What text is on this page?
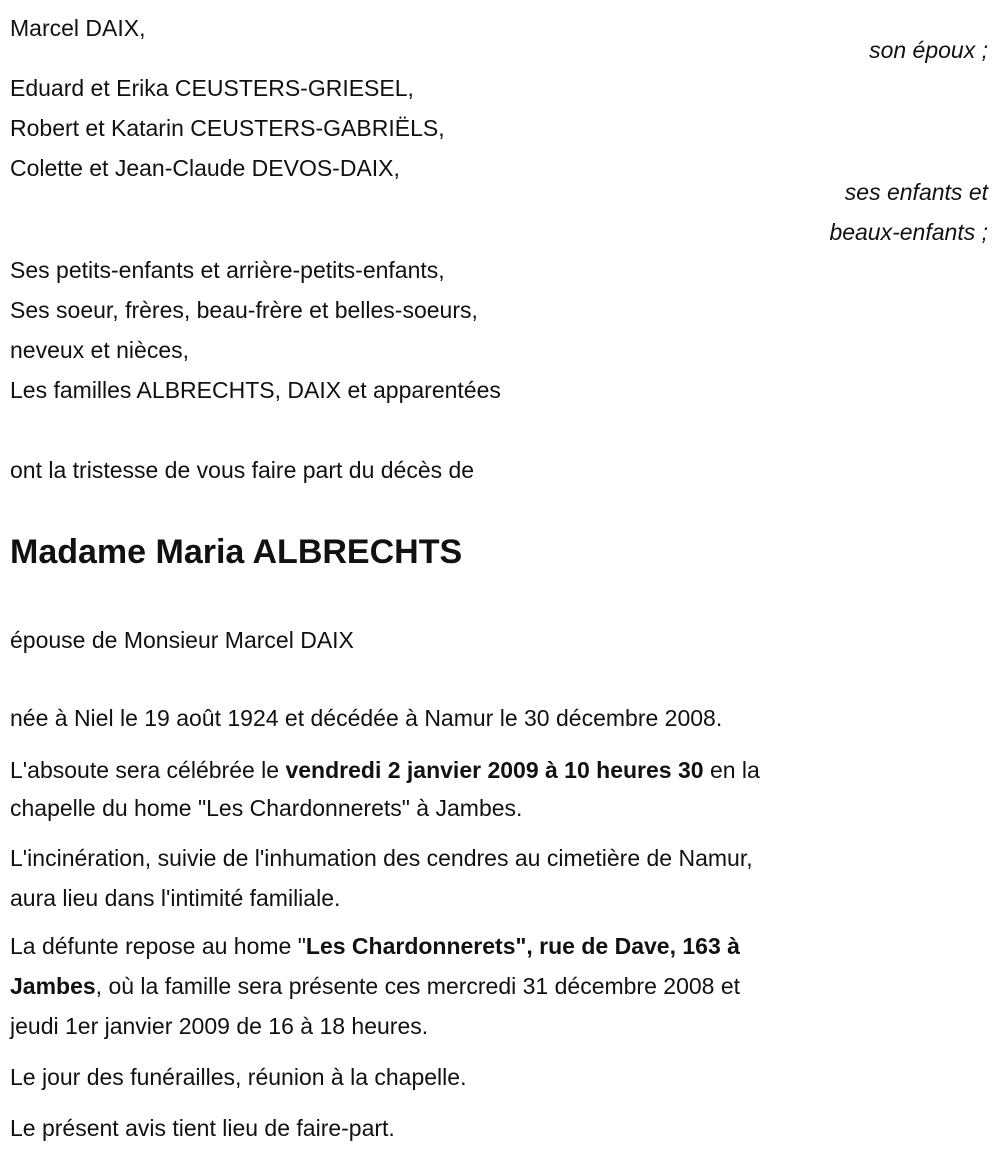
Marcel DAIX,
son époux ;
Eduard et Erika CEUSTERS-GRIESEL,
Robert et Katarin CEUSTERS-GABRIËLS,
Colette et Jean-Claude DEVOS-DAIX,
ses enfants et
beaux-enfants ;
Ses petits-enfants et arrière-petits-enfants,
Ses soeur, frères, beau-frère et belles-soeurs,
neveux et nièces,
Les familles ALBRECHTS, DAIX et apparentées
ont la tristesse de vous faire part du décès de
Madame Maria ALBRECHTS
épouse de Monsieur Marcel DAIX
née à Niel le 19 août 1924 et décédée à Namur le 30 décembre 2008.
L'absoute sera célébrée le vendredi 2 janvier 2009 à 10 heures 30 en la
chapelle du home "Les Chardonnerets" à Jambes.
L'incinération, suivie de l'inhumation des cendres au cimetière de Namur,
aura lieu dans l'intimité familiale.
La défunte repose au home "Les Chardonnerets", rue de Dave, 163 à
Jambes, où la famille sera présente ces mercredi 31 décembre 2008 et
jeudi 1er janvier 2009 de 16 à 18 heures.
Le jour des funérailles, réunion à la chapelle.
Le présent avis tient lieu de faire-part.
